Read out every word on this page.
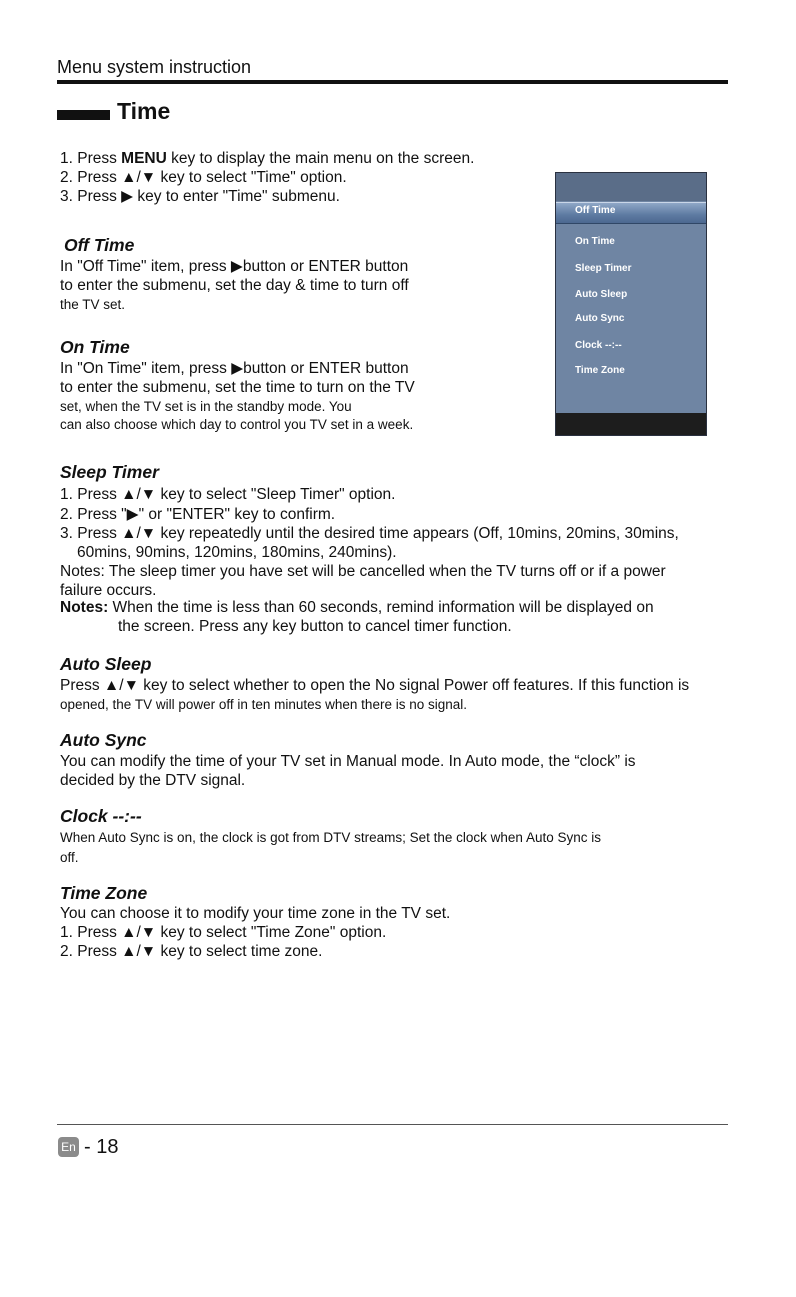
Menu system instruction
Time
1. Press MENU key to display the main menu on the screen.
2. Press ▲/▼ key to select "Time" option.
3. Press ▶ key to enter "Time" submenu.
Off Time
On Time
Sleep Timer
Auto Sleep
Auto Sync
Clock --:--
Time Zone
Off Time
In "Off Time" item, press ▶button or ENTER button
to enter the submenu, set the day & time to turn off
the TV set.
On Time
In "On Time" item, press ▶button or ENTER button
to enter the submenu, set the time to turn on the TV
set, when the TV set is in the standby mode. You
can also choose which day to control you TV set in a week.
Sleep Timer
1. Press ▲/▼ key to select "Sleep Timer" option.
2. Press "▶" or "ENTER" key to confirm.
3. Press ▲/▼ key repeatedly until the desired time appears (Off, 10mins, 20mins, 30mins,
60mins, 90mins, 120mins, 180mins, 240mins).
Notes: The sleep timer you have set will be cancelled when the TV turns off or if a power
failure occurs.
Notes: When the time is less than 60 seconds, remind information will be displayed on
the screen. Press any key button to cancel timer function.
Auto Sleep
Press ▲/▼ key to select whether to open the No signal Power off features. If this function is
opened, the TV will power off in ten minutes when there is no signal.
Auto Sync
You can modify the time of your TV set in Manual mode. In Auto mode, the “clock” is
decided by the DTV signal.
Clock --:--
When Auto Sync is on, the clock is got from DTV streams; Set the clock when Auto Sync is
off.
Time Zone
You can choose it to modify your time zone in the TV set.
1. Press ▲/▼ key to select "Time Zone" option.
2. Press ▲/▼ key to select time zone.
En - 18
